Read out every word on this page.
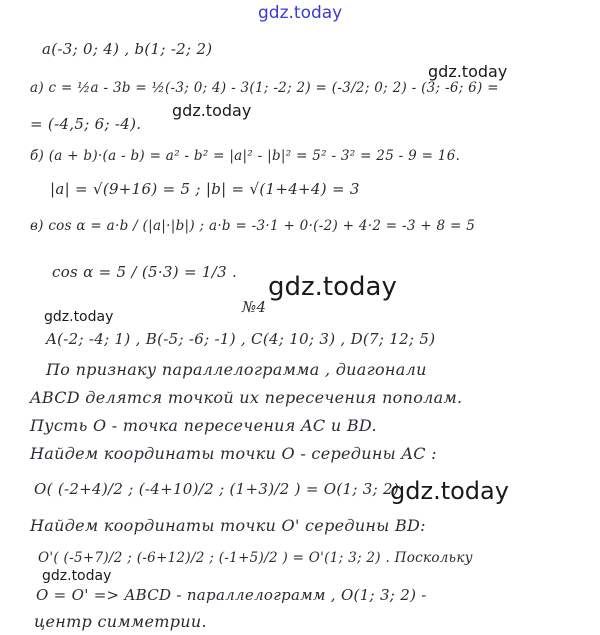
gdz.today
gdz.today
gdz.today
gdz.today
gdz.today
gdz.today
gdz.today
a(-3; 0; 4) , b(1; -2; 2)
а) c = ½a - 3b = ½(-3; 0; 4) - 3(1; -2; 2) = (-3/2; 0; 2) - (3; -6; 6) =
= (-4,5; 6; -4).
б) (a + b)·(a - b) = a² - b² = |a|² - |b|² = 5² - 3² = 25 - 9 = 16.
|a| = √(9+16) = 5 ; |b| = √(1+4+4) = 3
в) cos α = a·b / (|a|·|b|) ; a·b = -3·1 + 0·(-2) + 4·2 = -3 + 8 = 5
cos α = 5 / (5·3) = 1/3 .
№4
A(-2; -4; 1) , B(-5; -6; -1) , C(4; 10; 3) , D(7; 12; 5)
По признаку параллелограмма , диагонали
ABCD делятся точкой их пересечения пополам.
Пусть O - точка пересечения AC и BD.
Найдем координаты точки O - середины AC :
O( (-2+4)/2 ; (-4+10)/2 ; (1+3)/2 ) = O(1; 3; 2)
Найдем координаты точки O' середины BD:
O'( (-5+7)/2 ; (-6+12)/2 ; (-1+5)/2 ) = O'(1; 3; 2) . Поскольку
O = O' => ABCD - параллелограмм , O(1; 3; 2) -
центр симметрии.
